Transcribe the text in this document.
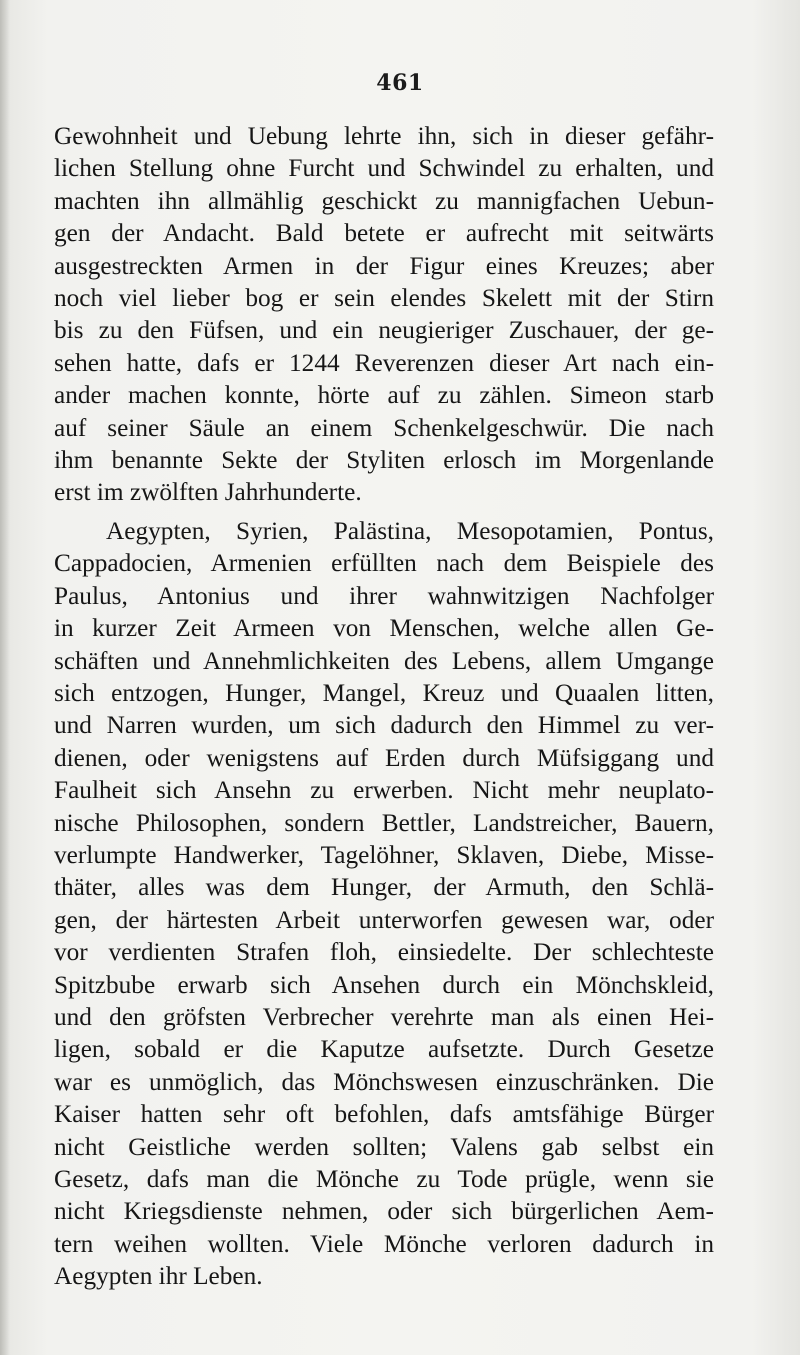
461
Gewohnheit und Uebung lehrte ihn, sich in dieser gefähr-
lichen Stellung ohne Furcht und Schwindel zu erhalten, und
machten ihn allmählig geschickt zu mannigfachen Uebun-
gen der Andacht. Bald betete er aufrecht mit seitwärts
ausgestreckten Armen in der Figur eines Kreuzes; aber
noch viel lieber bog er sein elendes Skelett mit der Stirn
bis zu den Füfsen, und ein neugieriger Zuschauer, der ge-
sehen hatte, dafs er 1244 Reverenzen dieser Art nach ein-
ander machen konnte, hörte auf zu zählen. Simeon starb
auf seiner Säule an einem Schenkelgeschwür. Die nach
ihm benannte Sekte der Styliten erlosch im Morgenlande
erst im zwölften Jahrhunderte.
Aegypten, Syrien, Palästina, Mesopotamien, Pontus,
Cappadocien, Armenien erfüllten nach dem Beispiele des
Paulus, Antonius und ihrer wahnwitzigen Nachfolger
in kurzer Zeit Armeen von Menschen, welche allen Ge-
schäften und Annehmlichkeiten des Lebens, allem Umgange
sich entzogen, Hunger, Mangel, Kreuz und Quaalen litten,
und Narren wurden, um sich dadurch den Himmel zu ver-
dienen, oder wenigstens auf Erden durch Müfsiggang und
Faulheit sich Ansehn zu erwerben. Nicht mehr neuplato-
nische Philosophen, sondern Bettler, Landstreicher, Bauern,
verlumpte Handwerker, Tagelöhner, Sklaven, Diebe, Misse-
thäter, alles was dem Hunger, der Armuth, den Schlä-
gen, der härtesten Arbeit unterworfen gewesen war, oder
vor verdienten Strafen floh, einsiedelte. Der schlechteste
Spitzbube erwarb sich Ansehen durch ein Mönchskleid,
und den gröfsten Verbrecher verehrte man als einen Hei-
ligen, sobald er die Kaputze aufsetzte. Durch Gesetze
war es unmöglich, das Mönchswesen einzuschränken. Die
Kaiser hatten sehr oft befohlen, dafs amtsfähige Bürger
nicht Geistliche werden sollten; Valens gab selbst ein
Gesetz, dafs man die Mönche zu Tode prügle, wenn sie
nicht Kriegsdienste nehmen, oder sich bürgerlichen Aem-
tern weihen wollten. Viele Mönche verloren dadurch in
Aegypten ihr Leben.
